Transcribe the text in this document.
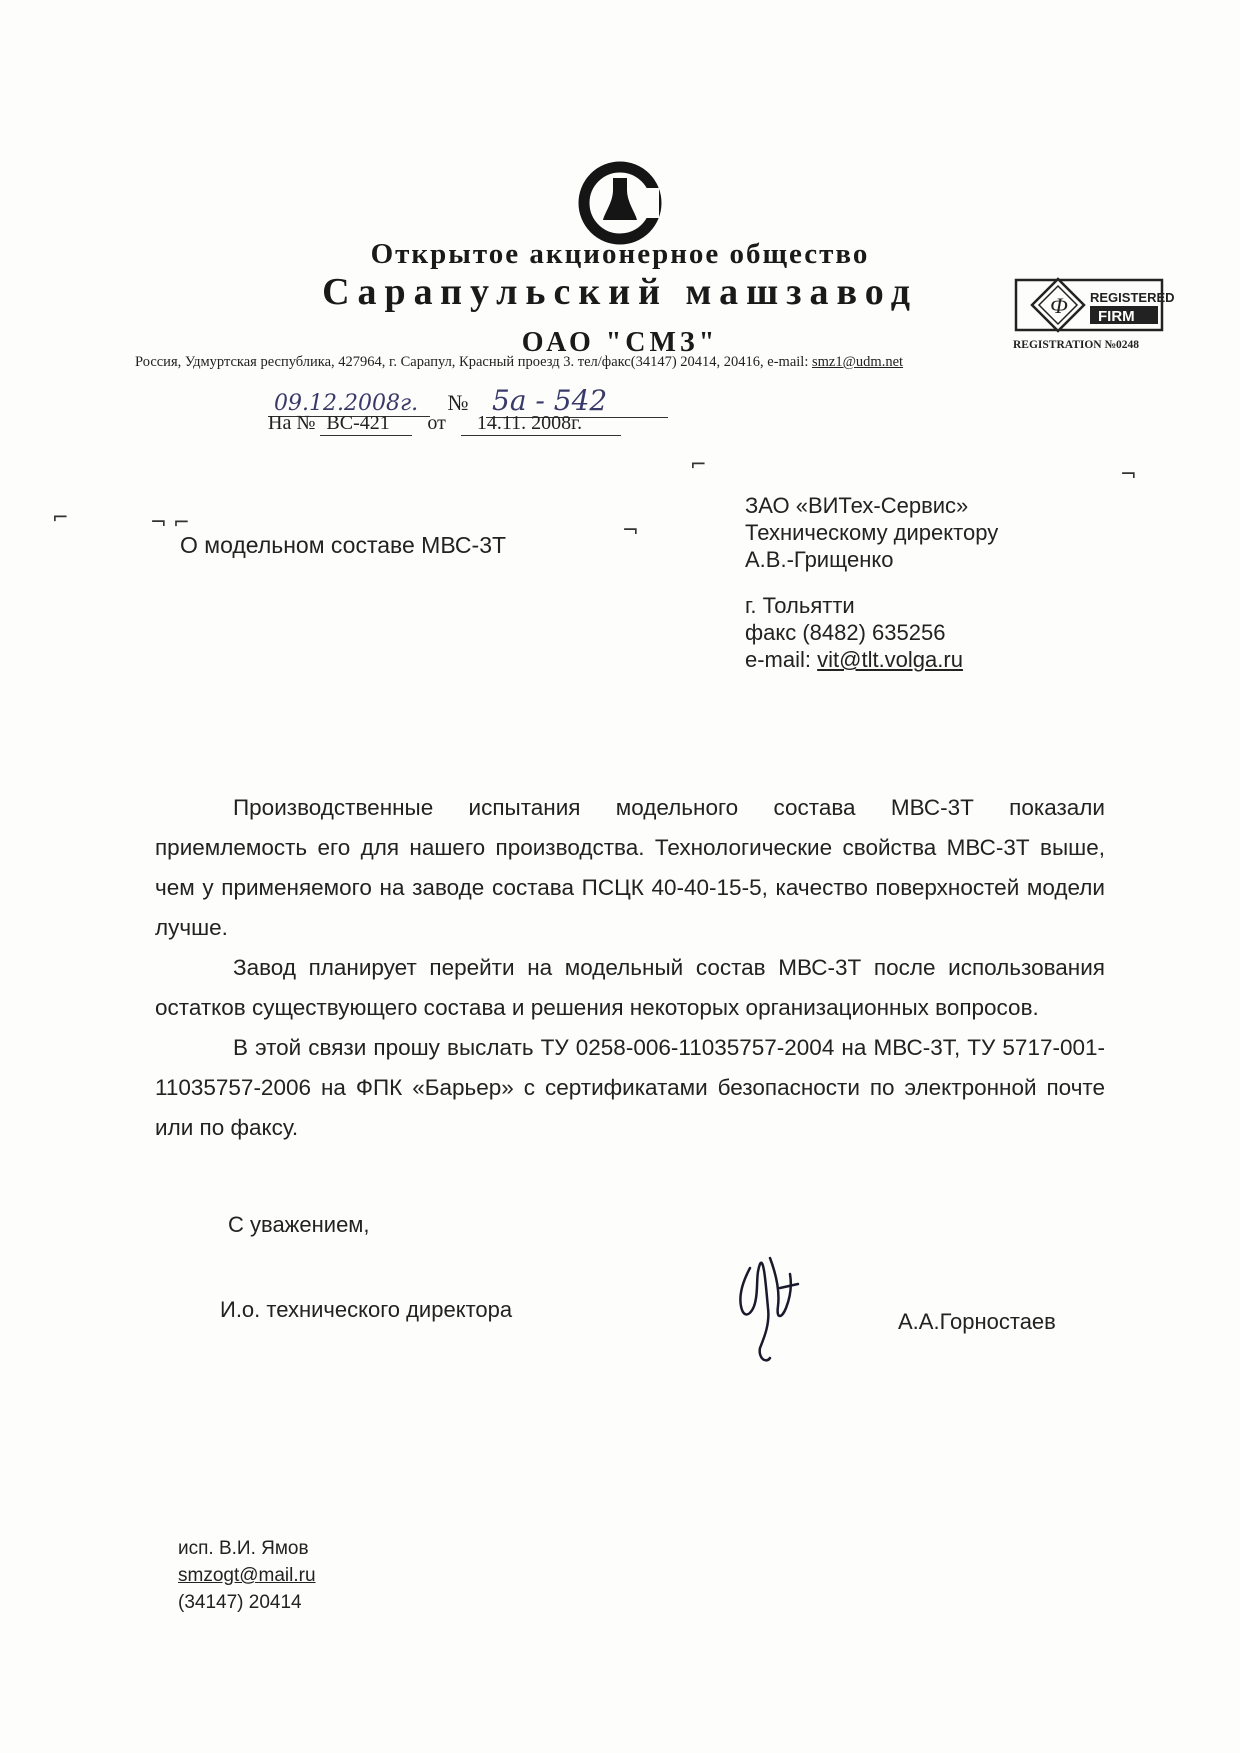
Открытое акционерное общество
Сарапульский машзавод
ОАО "СМЗ"
Ф REGISTERED
FIRM
REGISTRATION №0248
Россия, Удмуртская республика, 427964, г. Сарапул, Красный проезд 3. тел/факс(34147) 20414, 20416, e-mail: smz1@udm.net
09.12.2008г. № 5а - 542
На № ВС-421 от 14.11. 2008г.
⌐	¬
⌐	¬ ⌐	¬
О модельном составе МВС-3Т
ЗАО «ВИТех-Сервис»
Техническому директору
А.В.-Грищенко
г. Тольятти
факс (8482) 635256
e-mail: vit@tlt.volga.ru

Производственные испытания модельного состава МВС-3Т показали приемлемость его для нашего производства. Технологические свойства МВС-3Т выше, чем у применяемого на заводе состава ПСЦК 40-40-15-5, качество поверхностей модели лучше.

Завод планирует перейти на модельный состав МВС-3Т после использования остатков существующего состава и решения некоторых организационных вопросов.

В этой связи прошу выслать ТУ 0258-006-11035757-2004 на МВС-3Т, ТУ 5717-001-11035757-2006 на ФПК «Барьер» с сертификатами безопасности по электронной почте или по факсу.

С уважением,
И.о. технического директора	А.А.Горностаев
исп. В.И. Ямов
smzogt@mail.ru
(34147) 20414
